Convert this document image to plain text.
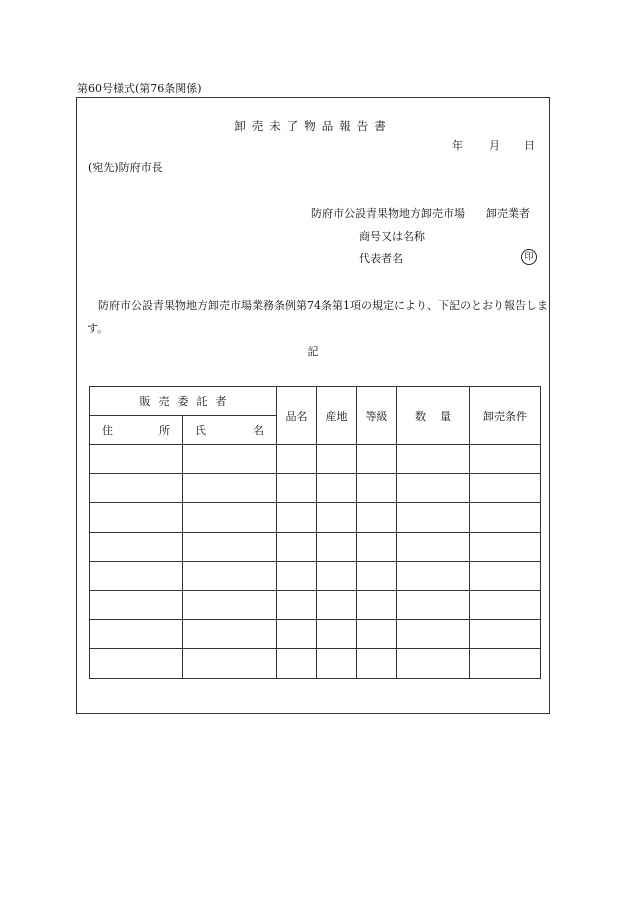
第60号様式(第76条関係)
卸売未了物品報告書
年 月 日
(宛先)防府市長
防府市公設青果物地方卸売市場 卸売業者
商号又は名称
代表者名	印
防府市公設青果物地方卸売市場業務条例第74条第1項の規定により、下記のとおり報告します。
記
販売委託者		品名	産地	等級	数量	卸売条件

住 所	氏 名					
